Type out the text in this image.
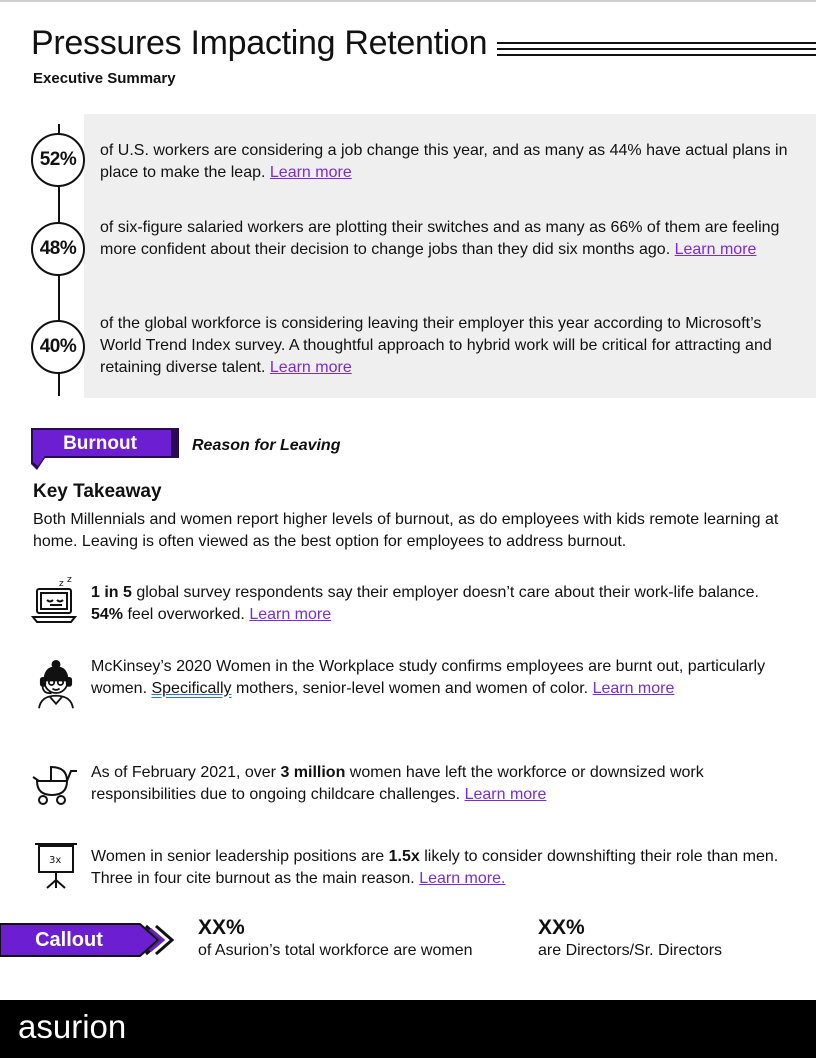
Pressures Impacting Retention
Executive Summary
52%	of U.S. workers are considering a job change this year, and as many as 44% have actual plans in place to make the leap. Learn more
48%
of six-figure salaried workers are plotting their switches and as many as 66% of them are feeling more confident about their decision to change jobs than they did six months ago. Learn more
40%
of the global workforce is considering leaving their employer this year according to Microsoft’s World Trend Index survey. A thoughtful approach to hybrid work will be critical for attracting and retaining diverse talent. Learn more
Burnout	Reason for Leaving
Key Takeaway
Both Millennials and women report higher levels of burnout, as do employees with kids remote learning at home. Leaving is often viewed as the best option for employees to address burnout.
z z
1 in 5 global survey respondents say their employer doesn’t care about their work-life balance. 54% feel overworked. Learn more
McKinsey’s 2020 Women in the Workplace study confirms employees are burnt out, particularly women. Specifically mothers, senior-level women and women of color. Learn more
As of February 2021, over 3 million women have left the workforce or downsized work responsibilities due to ongoing childcare challenges. Learn more
3x Women in senior leadership positions are 1.5x likely to consider downshifting their role than men. Three in four cite burnout as the main reason. Learn more.
Callout
XX%
of Asurion’s total workforce are women
XX%
are Directors/Sr. Directors
asurion
